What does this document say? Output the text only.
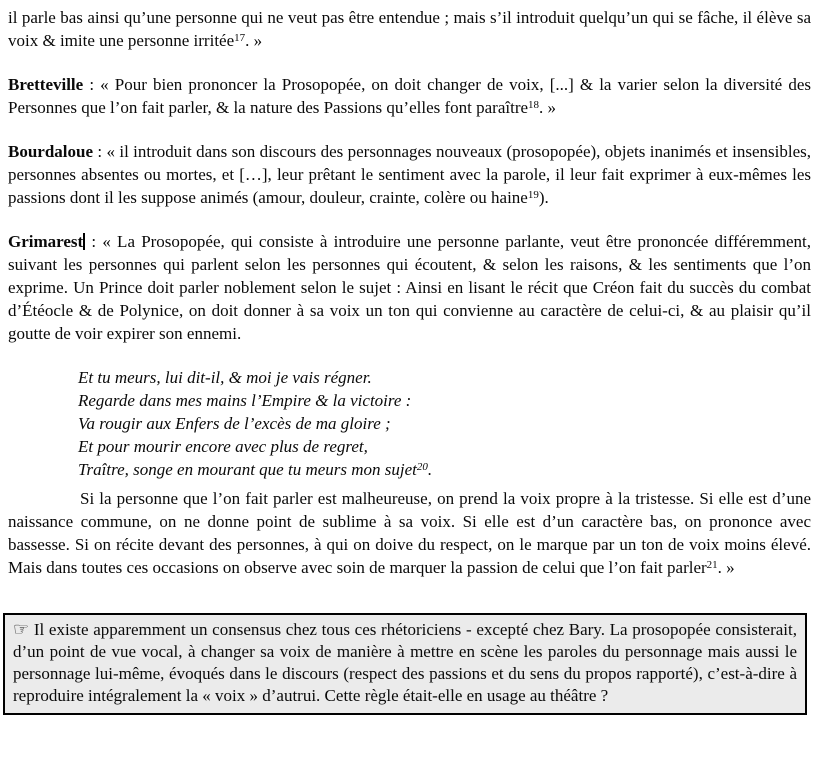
il parle bas ainsi qu’une personne qui ne veut pas être entendue ; mais s’il introduit quelqu’un qui se fâche, il élève sa voix & imite une personne irritée$^{17}$. »

Bretteville : « Pour bien prononcer la Prosopopée, on doit changer de voix, [...] & la varier selon la diversité des Personnes que l’on fait parler, & la nature des Passions qu’elles font paraître$^{18}$. »

Bourdaloue : « il introduit dans son discours des personnages nouveaux (prosopopée), objets inanimés et insensibles, personnes absentes ou mortes, et […], leur prêtant le sentiment avec la parole, il leur fait exprimer à eux-mêmes les passions dont il les suppose animés (amour, douleur, crainte, colère ou haine$^{19}$).

Grimarest : « La Prosopopée, qui consiste à introduire une personne parlante, veut être prononcée différemment, suivant les personnes qui parlent selon les personnes qui écoutent, & selon les raisons, & les sentiments que l’on exprime. Un Prince doit parler noblement selon le sujet : Ainsi en lisant le récit que Créon fait du succès du combat d’Étéocle & de Polynice, on doit donner à sa voix un ton qui convienne au caractère de celui-ci, & au plaisir qu’il goutte de voir expirer son ennemi.

Et tu meurs, lui dit-il, & moi je vais régner.
Regarde dans mes mains l’Empire & la victoire :
Va rougir aux Enfers de l’excès de ma gloire ;
Et pour mourir encore avec plus de regret,
Traître, songe en mourant que tu meurs mon sujet$^{20}$.

Si la personne que l’on fait parler est malheureuse, on prend la voix propre à la tristesse. Si elle est d’une naissance commune, on ne donne point de sublime à sa voix. Si elle est d’un caractère bas, on prononce avec bassesse. Si on récite devant des personnes, à qui on doive du respect, on le marque par un ton de voix moins élevé. Mais dans toutes ces occasions on observe avec soin de marquer la passion de celui que l’on fait parler$^{21}$. »

☞ Il existe apparemment un consensus chez tous ces rhétoriciens - excepté chez Bary. La prosopopée consisterait, d’un point de vue vocal, à changer sa voix de manière à mettre en scène les paroles du personnage mais aussi le personnage lui-même, évoqués dans le discours (respect des passions et du sens du propos rapporté), c’est-à-dire à reproduire intégralement la « voix » d’autrui. Cette règle était-elle en usage au théâtre ?
